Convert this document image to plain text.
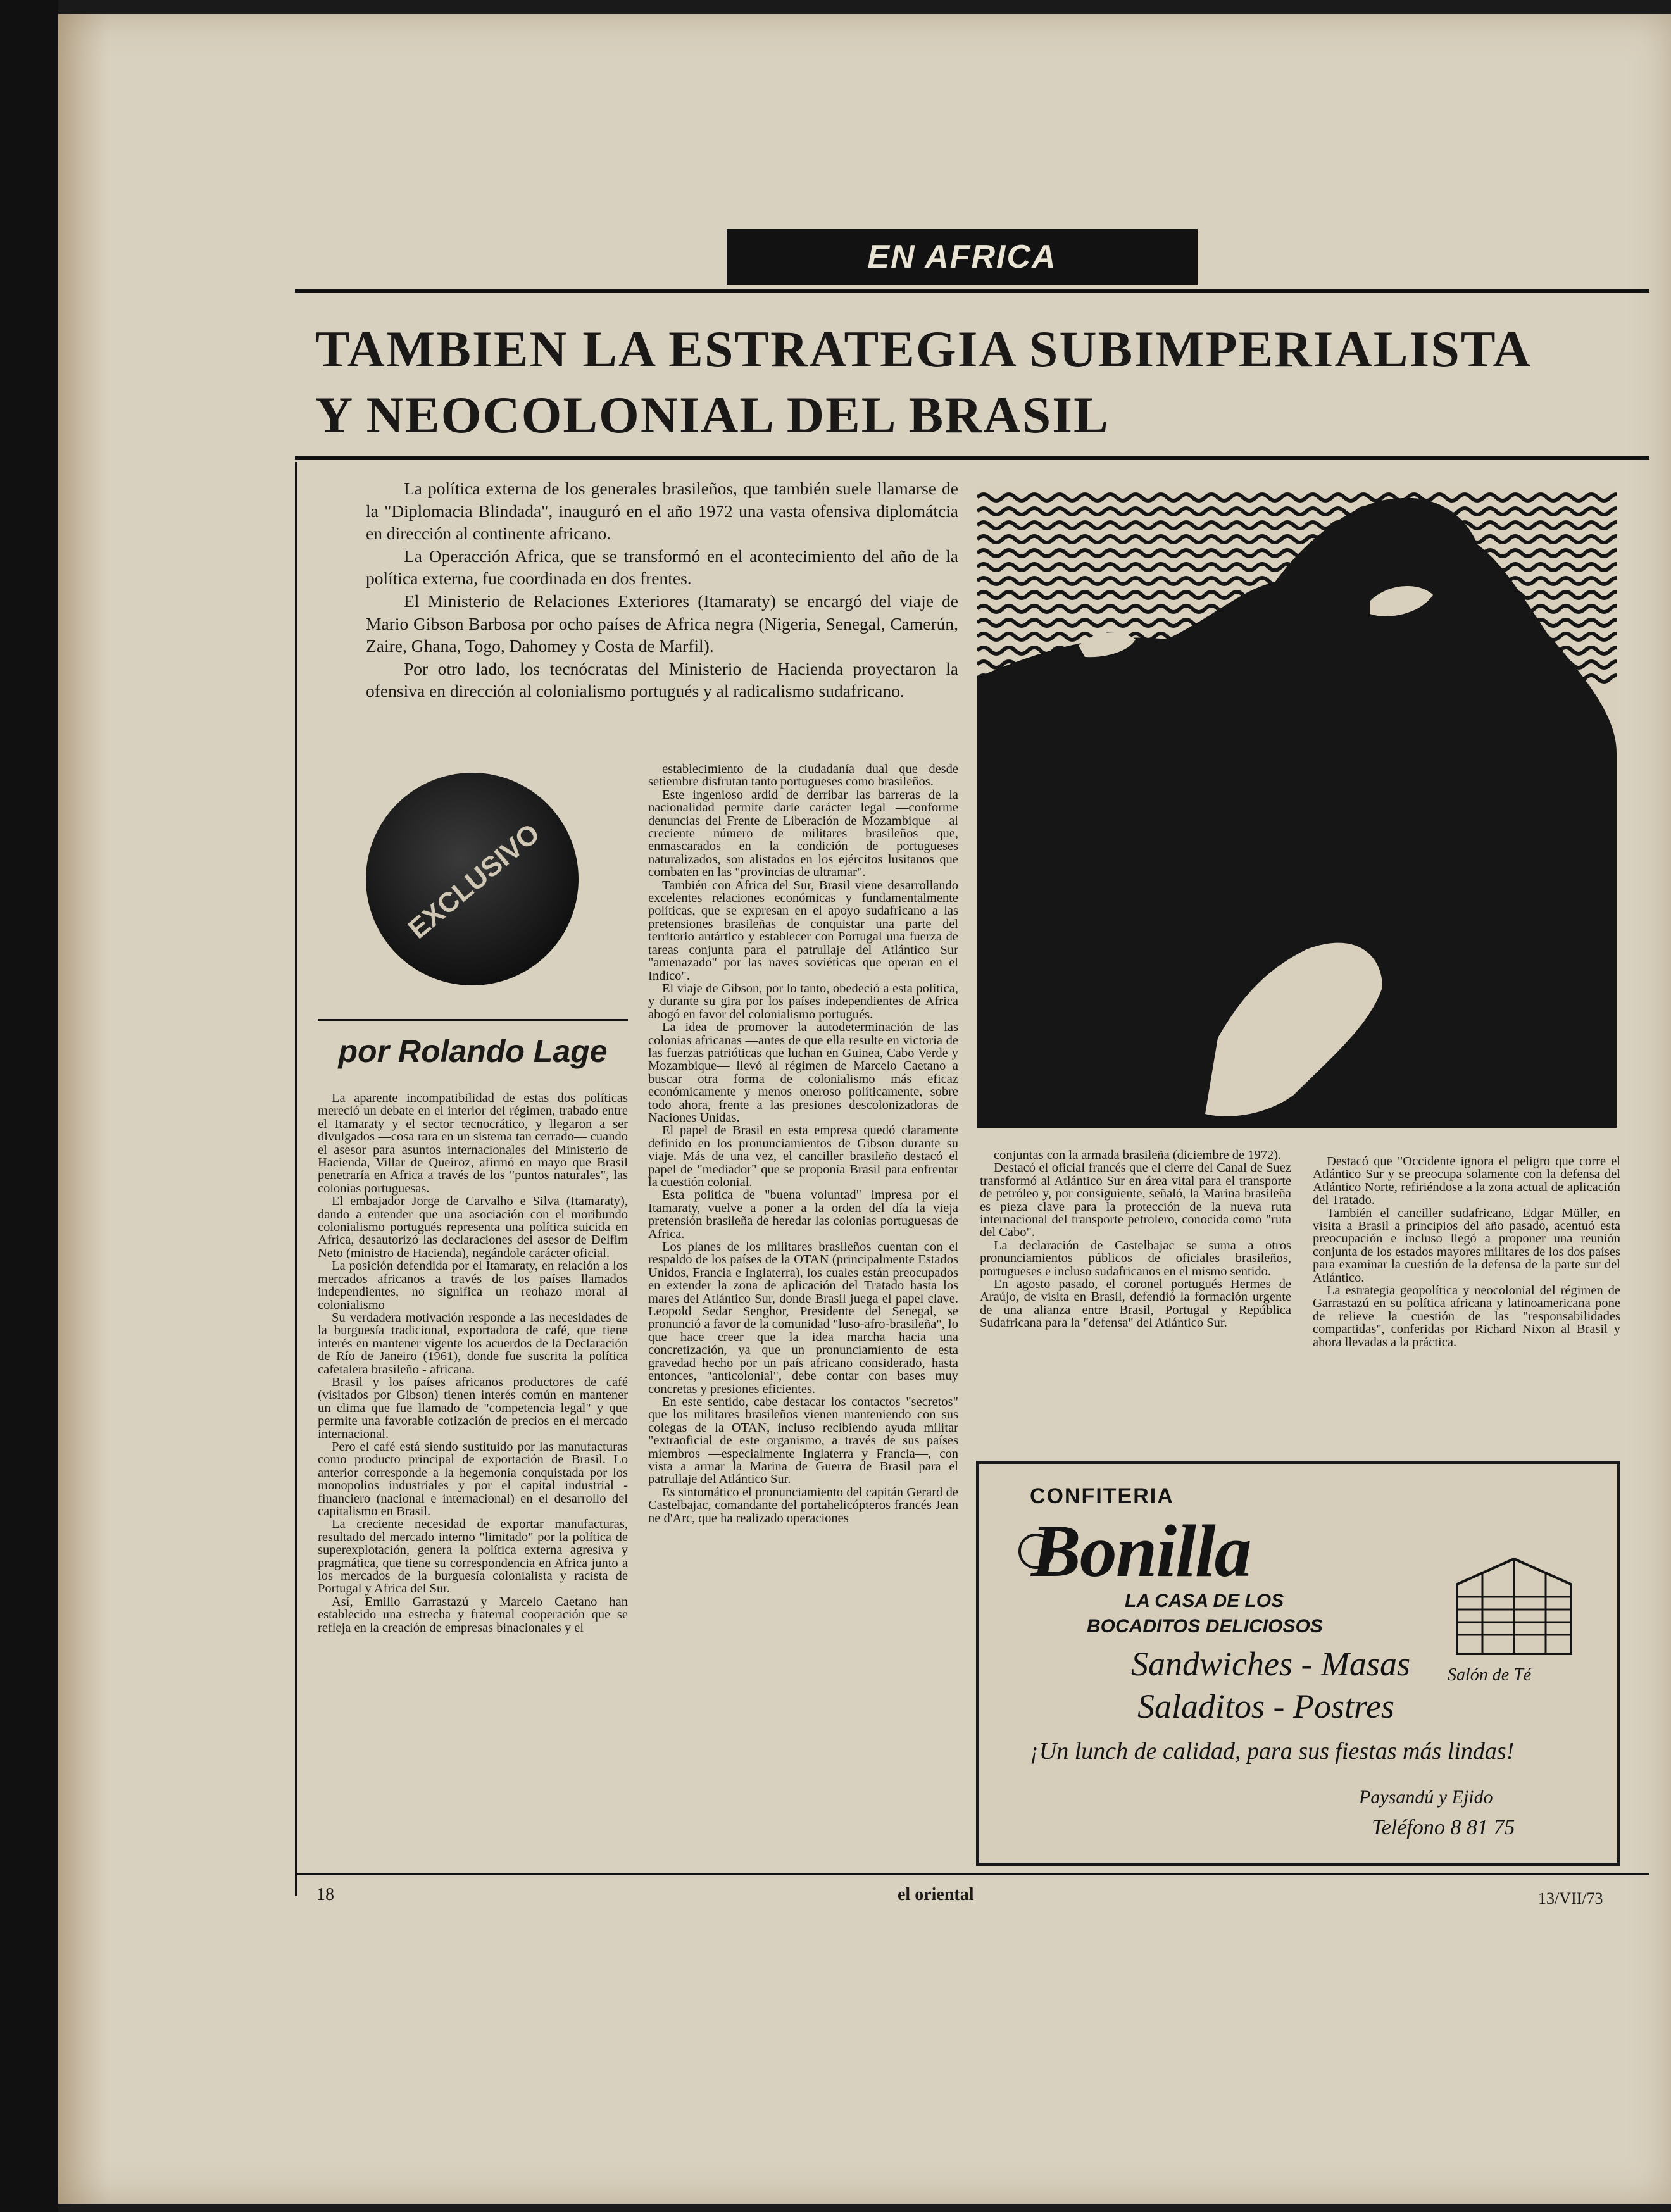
EN AFRICA
TAMBIEN LA ESTRATEGIA SUBIMPERIALISTA
Y NEOCOLONIAL DEL BRASIL

La política externa de los generales brasileños, que también suele llamarse de la "Diplomacia Blindada", inauguró en el año 1972 una vasta ofensiva diplomátcia en dirección al continente africano.

La Operacción Africa, que se transformó en el acontecimiento del año de la política externa, fue coordinada en dos frentes.

El Ministerio de Relaciones Exteriores (Itamaraty) se encargó del viaje de Mario Gibson Barbosa por ocho países de Africa negra (Nigeria, Senegal, Camerún, Zaire, Ghana, Togo, Dahomey y Costa de Marfil).

Por otro lado, los tecnócratas del Ministerio de Hacienda proyectaron la ofensiva en dirección al colonialismo portugués y al radicalismo sudafricano.

EXCLUSIVO
por Rolando Lage

La aparente incompatibilidad de estas dos políticas mereció un debate en el interior del régimen, trabado entre el Itamaraty y el sector tecnocrático, y llegaron a ser divulgados —cosa rara en un sistema tan cerrado— cuando el asesor para asuntos internacionales del Ministerio de Hacienda, Villar de Queiroz, afirmó en mayo que Brasil penetraría en Africa a través de los "puntos naturales", las colonias portuguesas.

El embajador Jorge de Carvalho e Silva (Itamaraty), dando a entender que una asociación con el moribundo colonialismo portugués representa una política suicida en Africa, desautorizó las declaraciones del asesor de Delfim Neto (ministro de Hacienda), negándole carácter oficial.

La posición defendida por el Itamaraty, en relación a los mercados africanos a través de los países llamados independientes, no significa un reohazo moral al colonialismo

Su verdadera motivación responde a las necesidades de la burguesía tradicional, exportadora de café, que tiene interés en mantener vigente los acuerdos de la Declaración de Río de Janeiro (1961), donde fue suscrita la política cafetalera brasileño - africana.

Brasil y los países africanos productores de café (visitados por Gibson) tienen interés común en mantener un clima que fue llamado de "competencia legal" y que permite una favorable cotización de precios en el mercado internacional.

Pero el café está siendo sustituido por las manufacturas como producto principal de exportación de Brasil. Lo anterior corresponde a la hegemonía conquistada por los monopolios industriales y por el capital industrial - financiero (nacional e internacional) en el desarrollo del capitalismo en Brasil.

La creciente necesidad de exportar manufacturas, resultado del mercado interno "limitado" por la política de superexplotación, genera la política externa agresiva y pragmática, que tiene su correspondencia en Africa junto a los mercados de la burguesía colonialista y racista de Portugal y Africa del Sur.

Así, Emilio Garrastazú y Marcelo Caetano han establecido una estrecha y fraternal cooperación que se refleja en la creación de empresas binacionales y el

establecimiento de la ciudadanía dual que desde setiembre disfrutan tanto portugueses como brasileños.

Este ingenioso ardid de derribar las barreras de la nacionalidad permite darle carácter legal —conforme denuncias del Frente de Liberación de Mozambique— al creciente número de militares brasileños que, enmascarados en la condición de portugueses naturalizados, son alistados en los ejércitos lusitanos que combaten en las "provincias de ultramar".

También con Africa del Sur, Brasil viene desarrollando excelentes relaciones económicas y fundamentalmente políticas, que se expresan en el apoyo sudafricano a las pretensiones brasileñas de conquistar una parte del territorio antártico y establecer con Portugal una fuerza de tareas conjunta para el patrullaje del Atlántico Sur "amenazado" por las naves soviéticas que operan en el Indico".

El viaje de Gibson, por lo tanto, obedeció a esta política, y durante su gira por los países independientes de Africa abogó en favor del colonialismo portugués.

La idea de promover la autodeterminación de las colonias africanas —antes de que ella resulte en victoria de las fuerzas patrióticas que luchan en Guinea, Cabo Verde y Mozambique— llevó al régimen de Marcelo Caetano a buscar otra forma de colonialismo más eficaz económicamente y menos oneroso políticamente, sobre todo ahora, frente a las presiones descolonizadoras de Naciones Unidas.

El papel de Brasil en esta empresa quedó claramente definido en los pronunciamientos de Gibson durante su viaje. Más de una vez, el canciller brasileño destacó el papel de "mediador" que se proponía Brasil para enfrentar la cuestión colonial.

Esta política de "buena voluntad" impresa por el Itamaraty, vuelve a poner a la orden del día la vieja pretensión brasileña de heredar las colonias portuguesas de Africa.

Los planes de los militares brasileños cuentan con el respaldo de los países de la OTAN (principalmente Estados Unidos, Francia e Inglaterra), los cuales están preocupados en extender la zona de aplicación del Tratado hasta los mares del Atlántico Sur, donde Brasil juega el papel clave. Leopold Sedar Senghor, Presidente del Senegal, se pronunció a favor de la comunidad "luso-afro-brasileña", lo que hace creer que la idea marcha hacia una concretización, ya que un pronunciamiento de esta gravedad hecho por un país africano considerado, hasta entonces, "anticolonial", debe contar con bases muy concretas y presiones eficientes.

En este sentido, cabe destacar los contactos "secretos" que los militares brasileños vienen manteniendo con sus colegas de la OTAN, incluso recibiendo ayuda militar "extraoficial de este organismo, a través de sus países miembros —especialmente Inglaterra y Francia—, con vista a armar la Marina de Guerra de Brasil para el patrullaje del Atlántico Sur.

Es sintomático el pronunciamiento del capitán Gerard de Castelbajac, comandante del portahelicópteros francés Jean ne d'Arc, que ha realizado operaciones

conjuntas con la armada brasileña (diciembre de 1972).

Destacó el oficial francés que el cierre del Canal de Suez transformó al Atlántico Sur en área vital para el transporte de petróleo y, por consiguiente, señaló, la Marina brasileña es pieza clave para la protección de la nueva ruta internacional del transporte petrolero, conocida como "ruta del Cabo".

La declaración de Castelbajac se suma a otros pronunciamientos públicos de oficiales brasileños, portugueses e inclusо sudafricanos en el mismo sentido.

En agosto pasado, el coronel portugués Hermes de Araújo, de visita en Brasil, defendió la formación urgente de una alianza entre Brasil, Portugal y República Sudafricana para la "defensa" del Atlántico Sur.

Destacó que "Occidente ignora el peligro que corre el Atlántico Sur y se preocupa solamente con la defensa del Atlántico Norte, refiriéndose a la zona actual de aplicación del Tratado.

También el canciller sudafricano, Edgar Müller, en visita a Brasil a principios del año pasado, acentuó esta preocupación e incluso llegó a proponer una reunión conjunta de los estados mayores militares de los dos países para examinar la cuestión de la defensa de la parte sur del Atlántico.

La estrategia geopolítica y neocolonial del régimen de Garrastazú en su política africana y latinoamericana pone de relieve la cuestión de las "responsabilidades compartidas", conferidas por Richard Nixon al Brasil y ahora llevadas a la práctica.

CONFITERIA
Bonilla
LA CASA DE LOS
BOCADITOS DELICIOSOS
Sandwiches - Masas
Saladitos - Postres
¡Un lunch de calidad, para sus fiestas más lindas!
Salón de Té
Paysandú y Ejido
Teléfono 8 81 75
18	el oriental	13/VII/73
